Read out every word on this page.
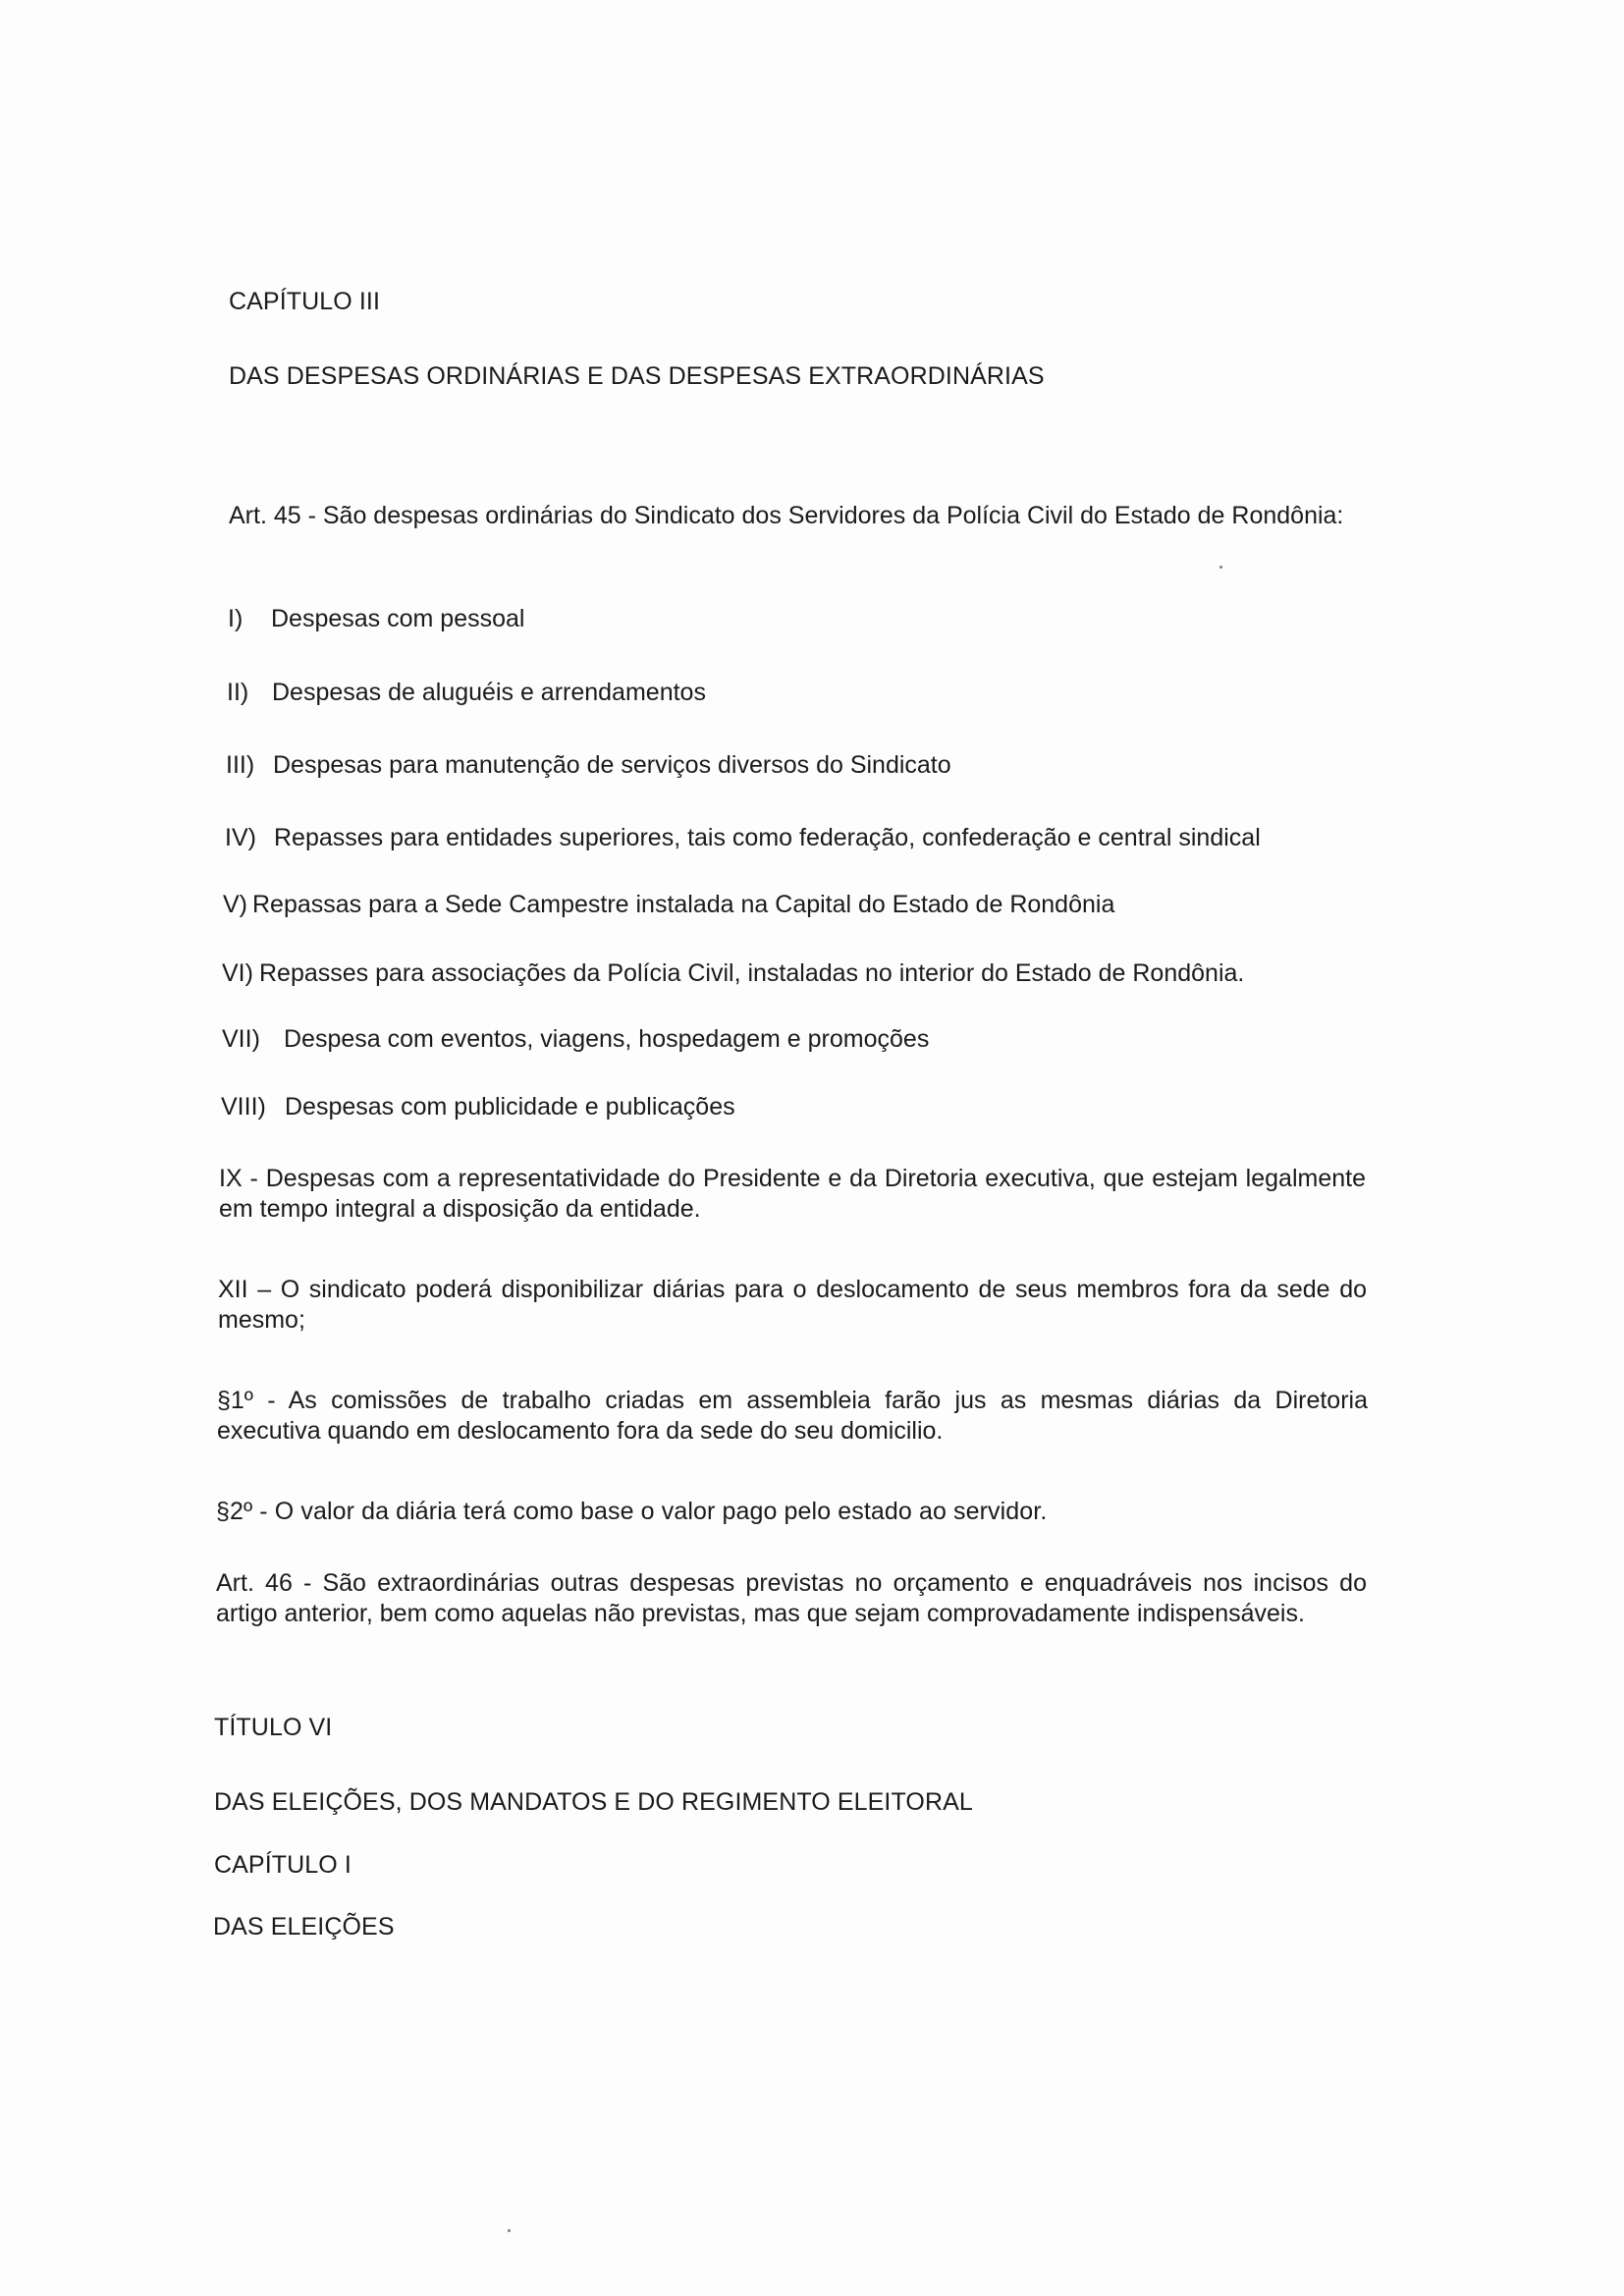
CAPÍTULO III
DAS DESPESAS ORDINÁRIAS E DAS DESPESAS EXTRAORDINÁRIAS
Art. 45 - São despesas ordinárias do Sindicato dos Servidores da Polícia Civil do Estado de Rondônia:
I) Despesas com pessoal
II) Despesas de aluguéis e arrendamentos
III) Despesas para manutenção de serviços diversos do Sindicato
IV) Repasses para entidades superiores, tais como federação, confederação e central sindical
V) Repassas para a Sede Campestre instalada na Capital do Estado de Rondônia
VI) Repasses para associações da Polícia Civil, instaladas no interior do Estado de Rondônia.
VII) Despesa com eventos, viagens, hospedagem e promoções
VIII) Despesas com publicidade e publicações
IX - Despesas com a representatividade do Presidente e da Diretoria executiva, que estejam legalmente em tempo integral a disposição da entidade.
XII – O sindicato poderá disponibilizar diárias para o deslocamento de seus membros fora da sede do mesmo;
§1º - As comissões de trabalho criadas em assembleia farão jus as mesmas diárias da Diretoria executiva quando em deslocamento fora da sede do seu domicilio.
§2º - O valor da diária terá como base o valor pago pelo estado ao servidor.
Art. 46 - São extraordinárias outras despesas previstas no orçamento e enquadráveis nos incisos do artigo anterior, bem como aquelas não previstas, mas que sejam comprovadamente indispensáveis.
TÍTULO VI
DAS ELEIÇÕES, DOS MANDATOS E DO REGIMENTO ELEITORAL
CAPÍTULO I
DAS ELEIÇÕES
